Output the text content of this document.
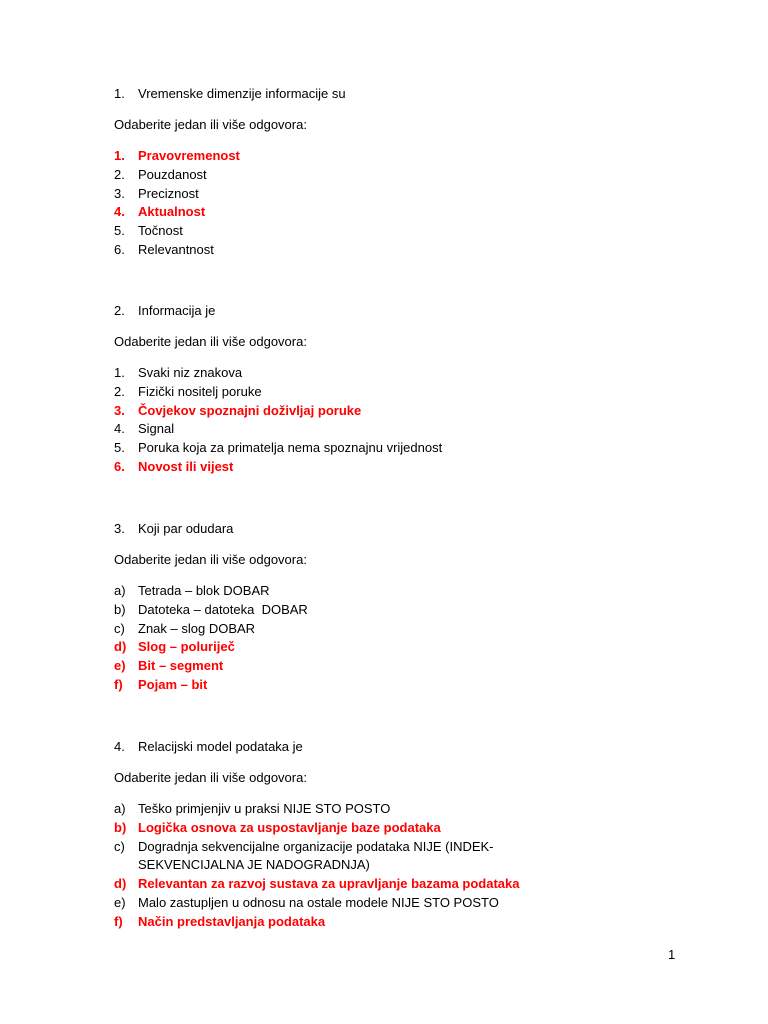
1. Vremenske dimenzije informacije su
Odaberite jedan ili više odgovora:
1. Pravovremenost
2. Pouzdanost
3. Preciznost
4. Aktualnost
5. Točnost
6. Relevantnost
2. Informacija je
Odaberite jedan ili više odgovora:
1. Svaki niz znakova
2. Fizički nositelj poruke
3. Čovjekov spoznajni doživljaj poruke
4. Signal
5. Poruka koja za primatelja nema spoznajnu vrijednost
6. Novost ili vijest
3. Koji par odudara
Odaberite jedan ili više odgovora:
a) Tetrada – blok DOBAR
b) Datoteka – datoteka  DOBAR
c) Znak – slog DOBAR
d) Slog – poluriječ
e) Bit – segment
f) Pojam – bit
4. Relacijski model podataka je
Odaberite jedan ili više odgovora:
a) Teško primjenjiv u praksi NIJE STO POSTO
b) Logička osnova za uspostavljanje baze podataka
c) Dogradnja sekvencijalne organizacije podataka NIJE (INDEK-SEKVENCIJALNA JE NADOGRADNJA)
d) Relevantan za razvoj sustava za upravljanje bazama podataka
e) Malo zastupljen u odnosu na ostale modele NIJE STO POSTO
f) Način predstavljanja podataka
1
